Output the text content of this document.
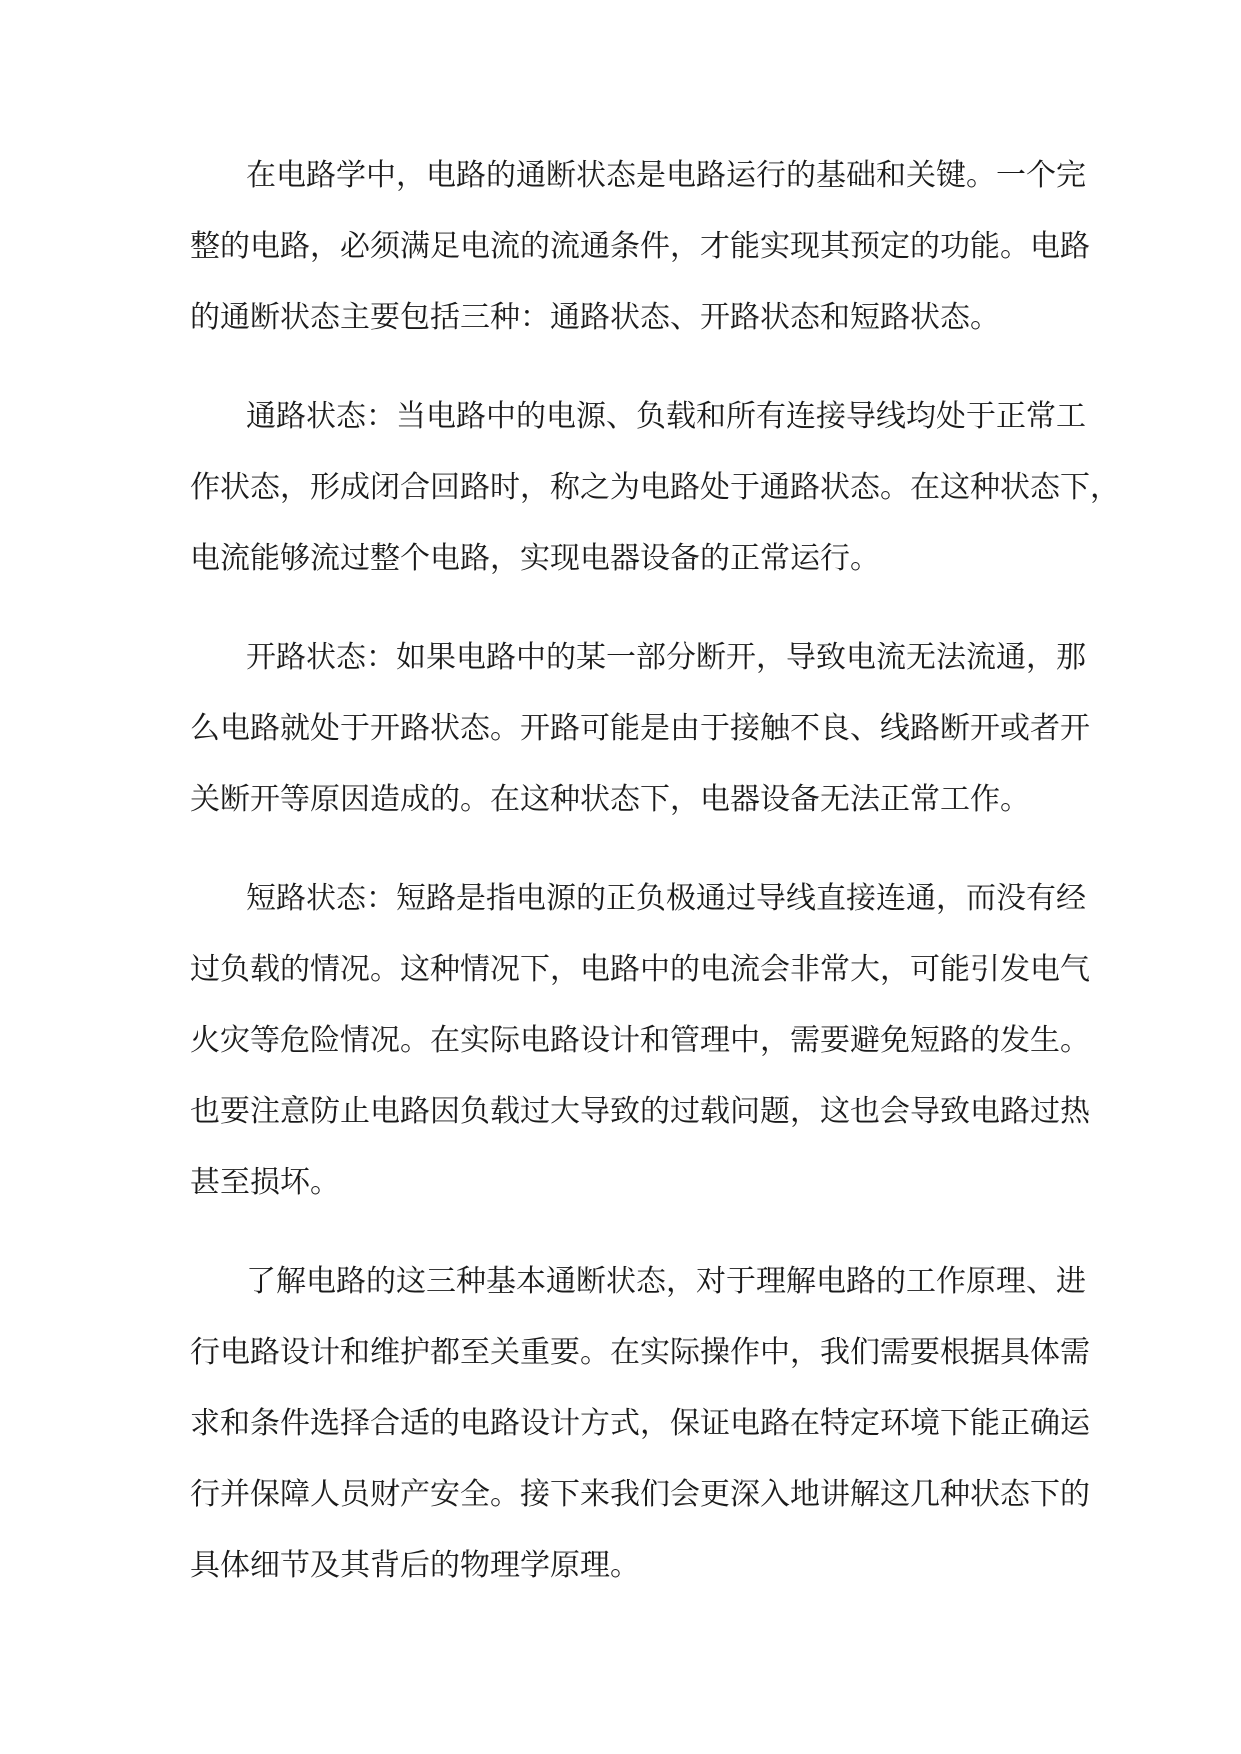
在电路学中，电路的通断状态是电路运行的基础和关键。一个完
整的电路，必须满足电流的流通条件，才能实现其预定的功能。电路
的通断状态主要包括三种：通路状态、开路状态和短路状态。
通路状态：当电路中的电源、负载和所有连接导线均处于正常工
作状态，形成闭合回路时，称之为电路处于通路状态。在这种状态下，
电流能够流过整个电路，实现电器设备的正常运行。
开路状态：如果电路中的某一部分断开，导致电流无法流通，那
么电路就处于开路状态。开路可能是由于接触不良、线路断开或者开
关断开等原因造成的。在这种状态下，电器设备无法正常工作。
短路状态：短路是指电源的正负极通过导线直接连通，而没有经
过负载的情况。这种情况下，电路中的电流会非常大，可能引发电气
火灾等危险情况。在实际电路设计和管理中，需要避免短路的发生。
也要注意防止电路因负载过大导致的过载问题，这也会导致电路过热
甚至损坏。
了解电路的这三种基本通断状态，对于理解电路的工作原理、进
行电路设计和维护都至关重要。在实际操作中，我们需要根据具体需
求和条件选择合适的电路设计方式，保证电路在特定环境下能正确运
行并保障人员财产安全。接下来我们会更深入地讲解这几种状态下的
具体细节及其背后的物理学原理。
